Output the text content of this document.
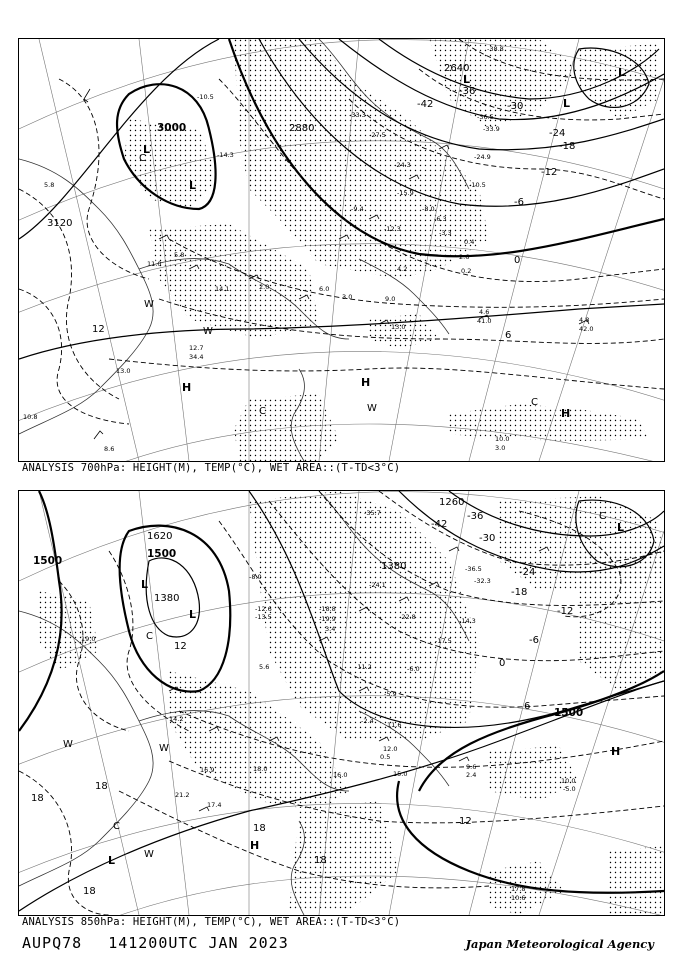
3000
3120
2880
2640
-30
-36
-42
-24
-18
-12
-6
0
6
12
L
L
L
L
L
H	H
H
W
W
W
C
C
C
5.8
-10.5
-14.3
-33.3
-27.5
-24.3
-24.9
-10.5
-9.4
-12.3
-6.3
-3.3
0.4
2.6
0.2
5.8
11.0
14.1	2.0	6.0
3.0
4.2
9.0
13.0
4.6
41.0	4.8
42.0
12.7
34.4
13.0
10.8
8.6
10.0
3.0
-36.5
-33.9
-38.8
-15.9
-8.0
ANALYSIS 700hPa: HEIGHT(M), TEMP(°C), WET AREA::(T-TD<3°C)
1500
1500
1500
1380
1620
1260
1380
-42
-36
-30
-24
-18
-12
-6
0
6
12
18
18
18
18
18
12
L
L
L
L
H
H
W	W
W
C
C
C
-19.9
-24.1
-22.8
-17.5
-14.3
-11.2
-5.9
-2.4
0.5
11.6
12.0
15.0
16.0
17.4
10.0
-5.0
9.6
2.4
-36.5
-32.3
-35.7
-18.8
-12.6
-13.5
14.2
5.6
21.2
16.9	18.0
19.0
17.8
10.6
-8.0
3.4
-6.0
ANALYSIS 850hPa: HEIGHT(M), TEMP(°C), WET AREA::(T-TD<3°C)
AUPQ78 141200UTC JAN 2023	Japan Meteorological Agency
